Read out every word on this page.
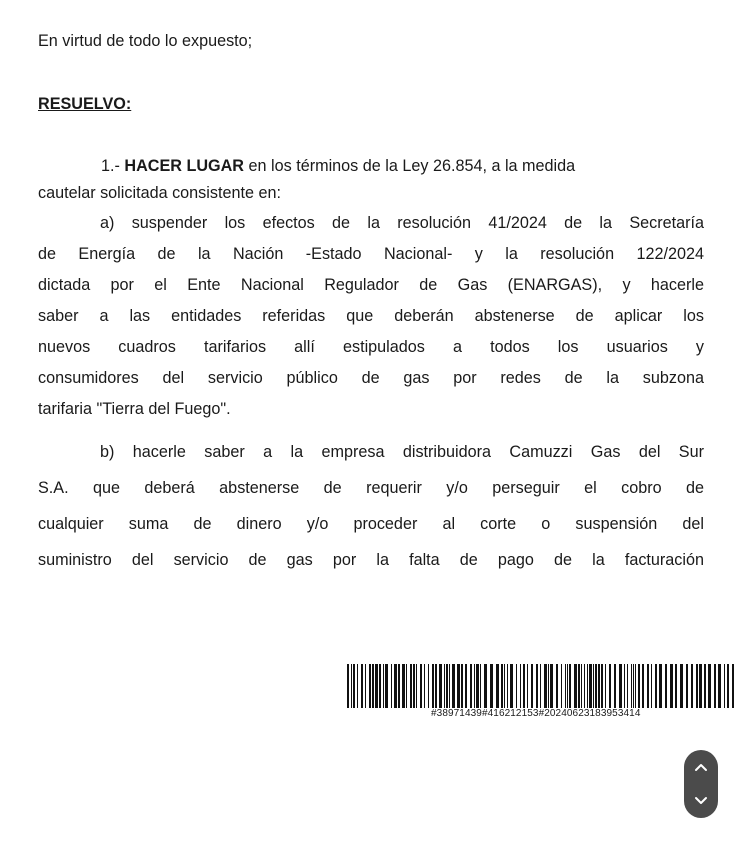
En virtud de todo lo expuesto;
RESUELVO:
1.- HACER LUGAR en los términos de la Ley 26.854, a la medida
cautelar solicitada consistente en:
a) suspender los efectos de la resolución 41/2024 de la Secretaría
de Energía de la Nación -Estado Nacional- y la resolución 122/2024
dictada por el Ente Nacional Regulador de Gas (ENARGAS), y hacerle
saber a las entidades referidas que deberán abstenerse de aplicar los
nuevos cuadros tarifarios allí estipulados a todos los usuarios y
consumidores del servicio público de gas por redes de la subzona
tarifaria "Tierra del Fuego".
b) hacerle saber a la empresa distribuidora Camuzzi Gas del Sur
S.A. que deberá abstenerse de requerir y/o perseguir el cobro de
cualquier suma de dinero y/o proceder al corte o suspensión del
suministro del servicio de gas por la falta de pago de la facturación
#38971439#416212153#20240623183953414
